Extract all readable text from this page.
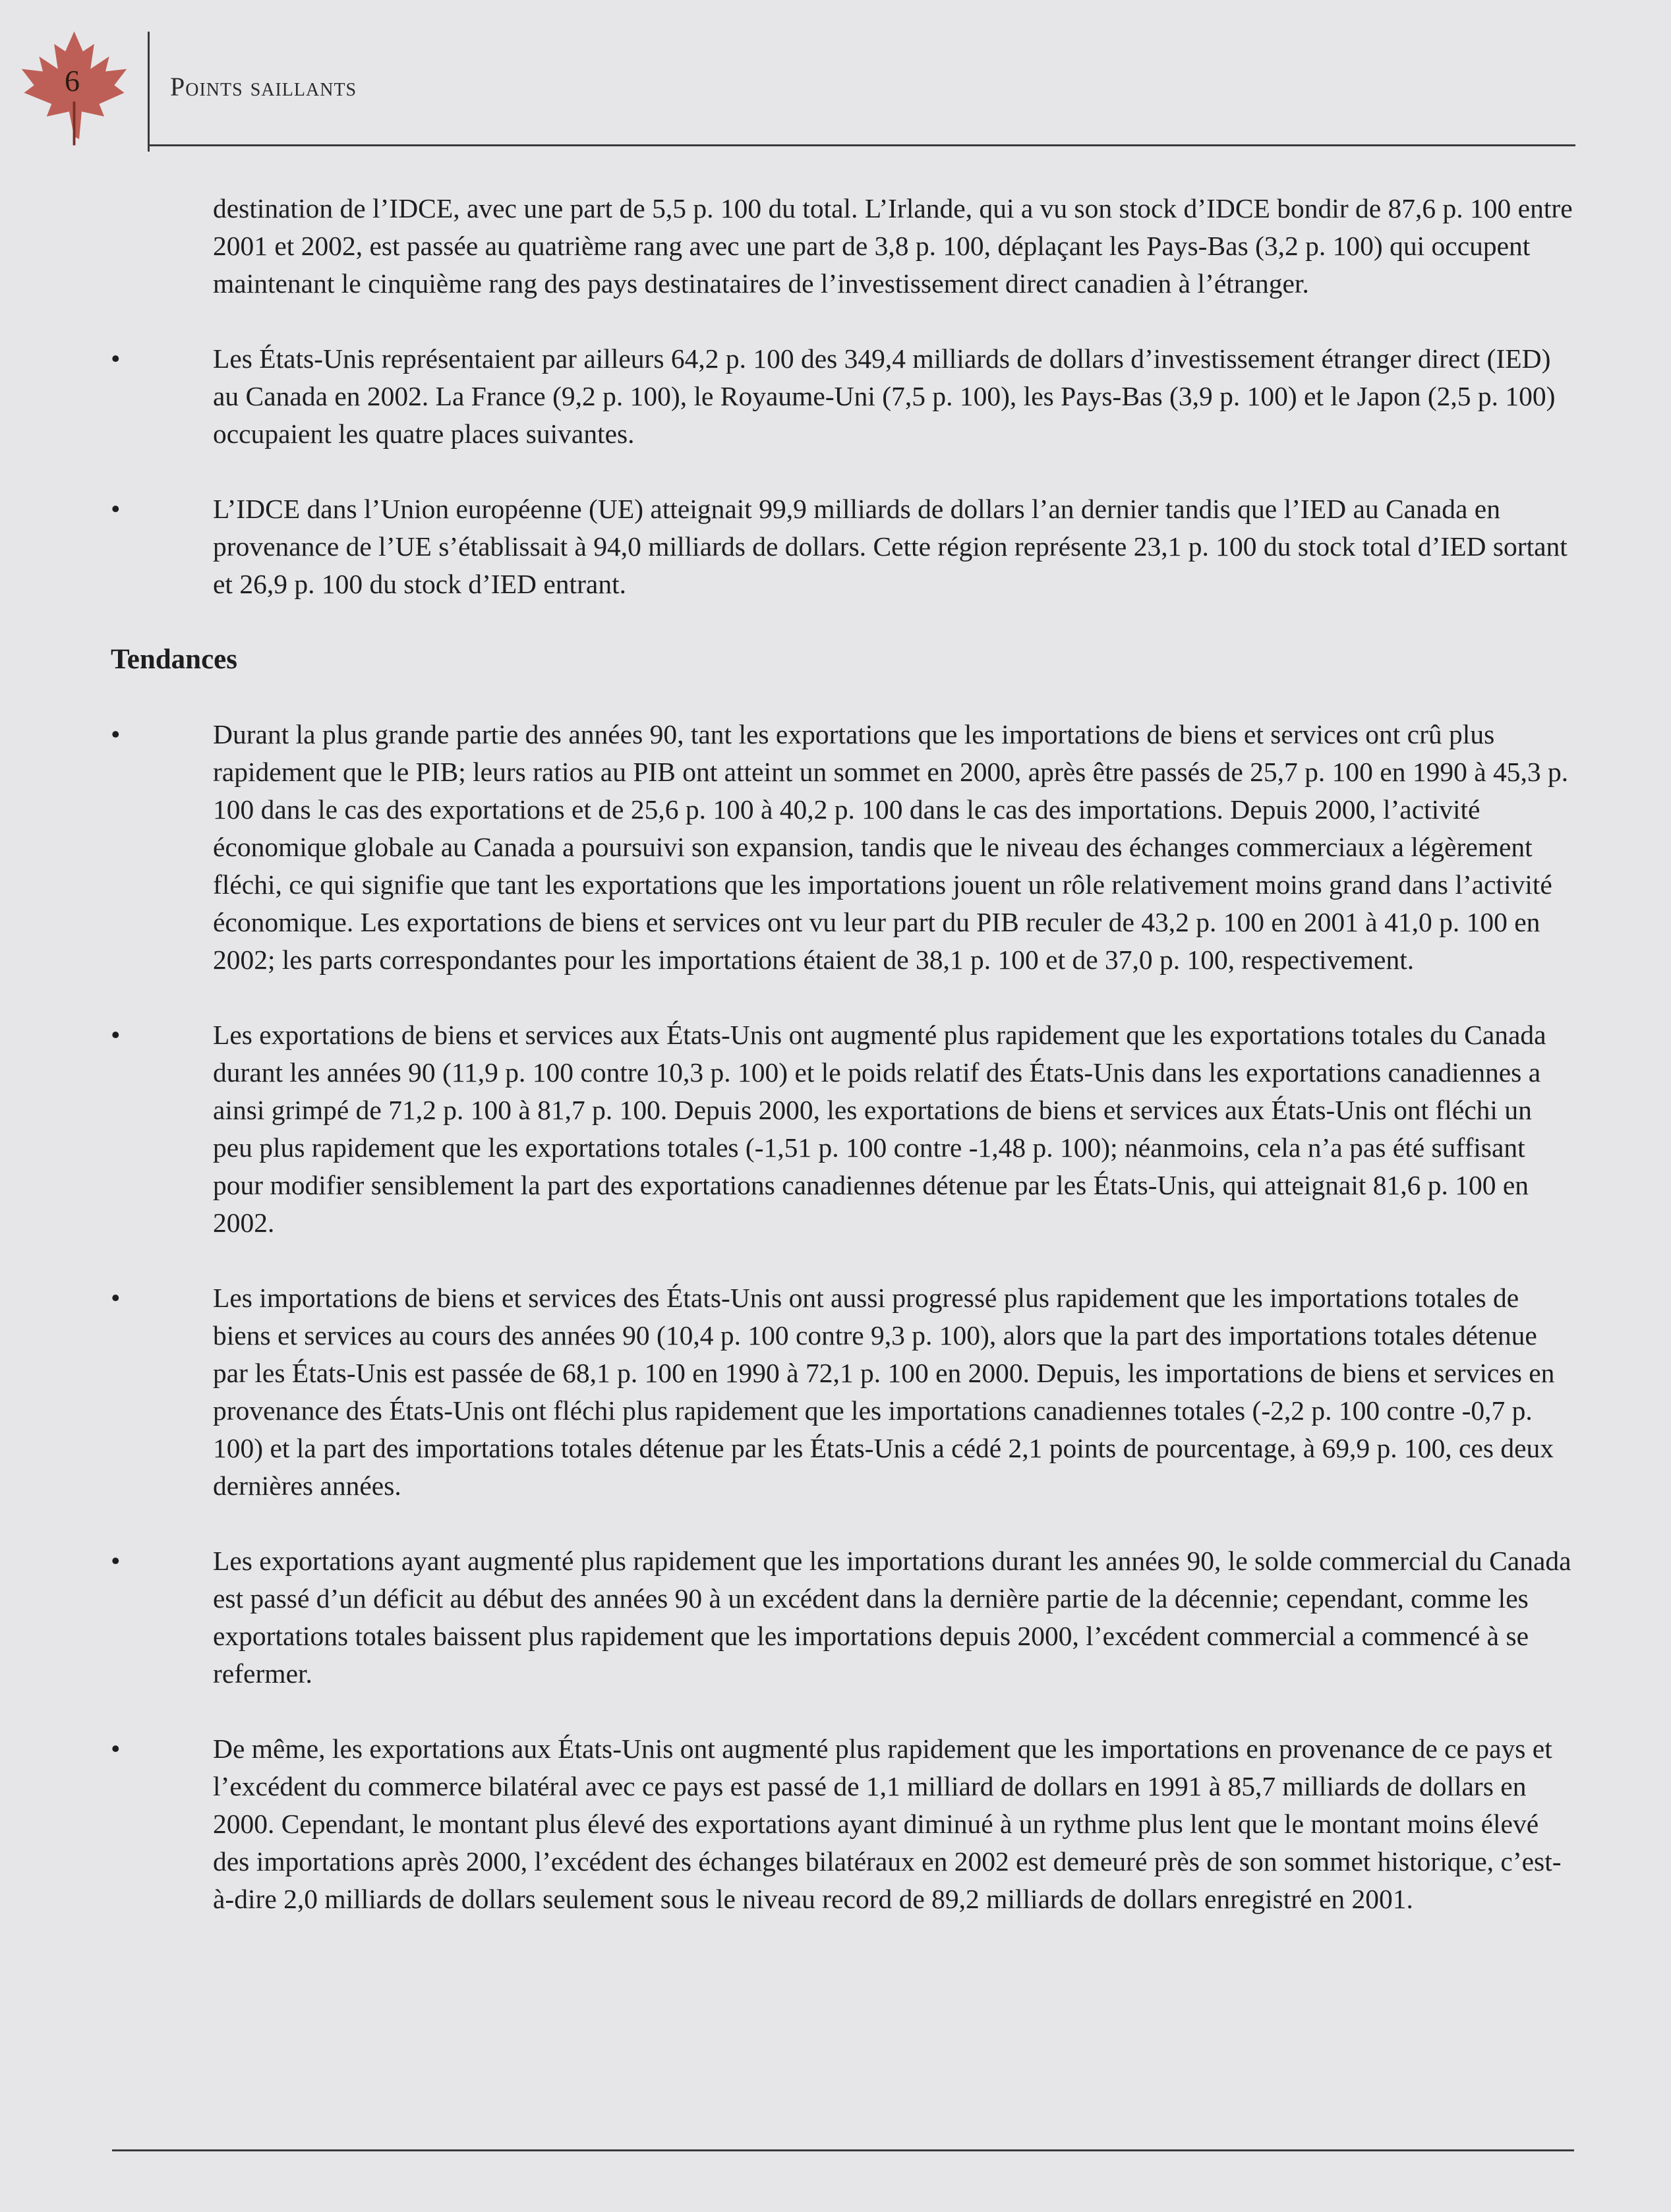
6	Points saillants

destination de l’IDCE, avec une part de 5,5 p. 100 du total. L’Irlande, qui a vu son stock d’IDCE bondir de 87,6 p. 100 entre 2001 et 2002, est passée au quatrième rang avec une part de 3,8 p. 100, déplaçant les Pays-Bas (3,2 p. 100) qui occupent maintenant le cinquième rang des pays destinataires de l’investissement direct canadien à l’étranger.

•	Les États-Unis représentaient par ailleurs 64,2 p. 100 des 349,4 milliards de dollars d’investissement étranger direct (IED) au Canada en 2002. La France (9,2 p. 100), le Royaume-Uni (7,5 p. 100), les Pays-Bas (3,9 p. 100) et le Japon (2,5 p. 100) occupaient les quatre places suivantes.
•	L’IDCE dans l’Union européenne (UE) atteignait 99,9 milliards de dollars l’an dernier tandis que l’IED au Canada en provenance de l’UE s’établissait à 94,0 milliards de dollars. Cette région représente 23,1 p. 100 du stock total d’IED sortant et 26,9 p. 100 du stock d’IED entrant.
Tendances
•	Durant la plus grande partie des années 90, tant les exportations que les importations de biens et services ont crû plus rapidement que le PIB; leurs ratios au PIB ont atteint un sommet en 2000, après être passés de 25,7 p. 100 en 1990 à 45,3 p. 100 dans le cas des exportations et de 25,6 p. 100 à 40,2 p. 100 dans le cas des importations. Depuis 2000, l’activité économique globale au Canada a poursuivi son expansion, tandis que le niveau des échanges commerciaux a légèrement fléchi, ce qui signifie que tant les exportations que les importations jouent un rôle relativement moins grand dans l’activité économique. Les exportations de biens et services ont vu leur part du PIB reculer de 43,2 p. 100 en 2001 à 41,0 p. 100 en 2002; les parts correspondantes pour les importations étaient de 38,1 p. 100 et de 37,0 p. 100, respectivement.
•	Les exportations de biens et services aux États-Unis ont augmenté plus rapidement que les exportations totales du Canada durant les années 90 (11,9 p. 100 contre 10,3 p. 100) et le poids relatif des États-Unis dans les exportations canadiennes a ainsi grimpé de 71,2 p. 100 à 81,7 p. 100. Depuis 2000, les exportations de biens et services aux États-Unis ont fléchi un peu plus rapidement que les exportations totales (-1,51 p. 100 contre -1,48 p. 100); néanmoins, cela n’a pas été suffisant pour modifier sensiblement la part des exportations canadiennes détenue par les États-Unis, qui atteignait 81,6 p. 100 en 2002.
•	Les importations de biens et services des États-Unis ont aussi progressé plus rapidement que les importations totales de biens et services au cours des années 90 (10,4 p. 100 contre 9,3 p. 100), alors que la part des importations totales détenue par les États-Unis est passée de 68,1 p. 100 en 1990 à 72,1 p. 100 en 2000. Depuis, les importations de biens et services en provenance des États-Unis ont fléchi plus rapidement que les importations canadiennes totales (-2,2 p. 100 contre -0,7 p. 100) et la part des importations totales détenue par les États-Unis a cédé 2,1 points de pourcentage, à 69,9 p. 100, ces deux dernières années.
•	Les exportations ayant augmenté plus rapidement que les importations durant les années 90, le solde commercial du Canada est passé d’un déficit au début des années 90 à un excédent dans la dernière partie de la décennie; cependant, comme les exportations totales baissent plus rapidement que les importations depuis 2000, l’excédent commercial a commencé à se refermer.
•	De même, les exportations aux États-Unis ont augmenté plus rapidement que les importations en provenance de ce pays et l’excédent du commerce bilatéral avec ce pays est passé de 1,1 milliard de dollars en 1991 à 85,7 milliards de dollars en 2000. Cependant, le montant plus élevé des exportations ayant diminué à un rythme plus lent que le montant moins élevé des importations après 2000, l’excédent des échanges bilatéraux en 2002 est demeuré près de son sommet historique, c’est-à-dire 2,0 milliards de dollars seulement sous le niveau record de 89,2 milliards de dollars enregistré en 2001.
